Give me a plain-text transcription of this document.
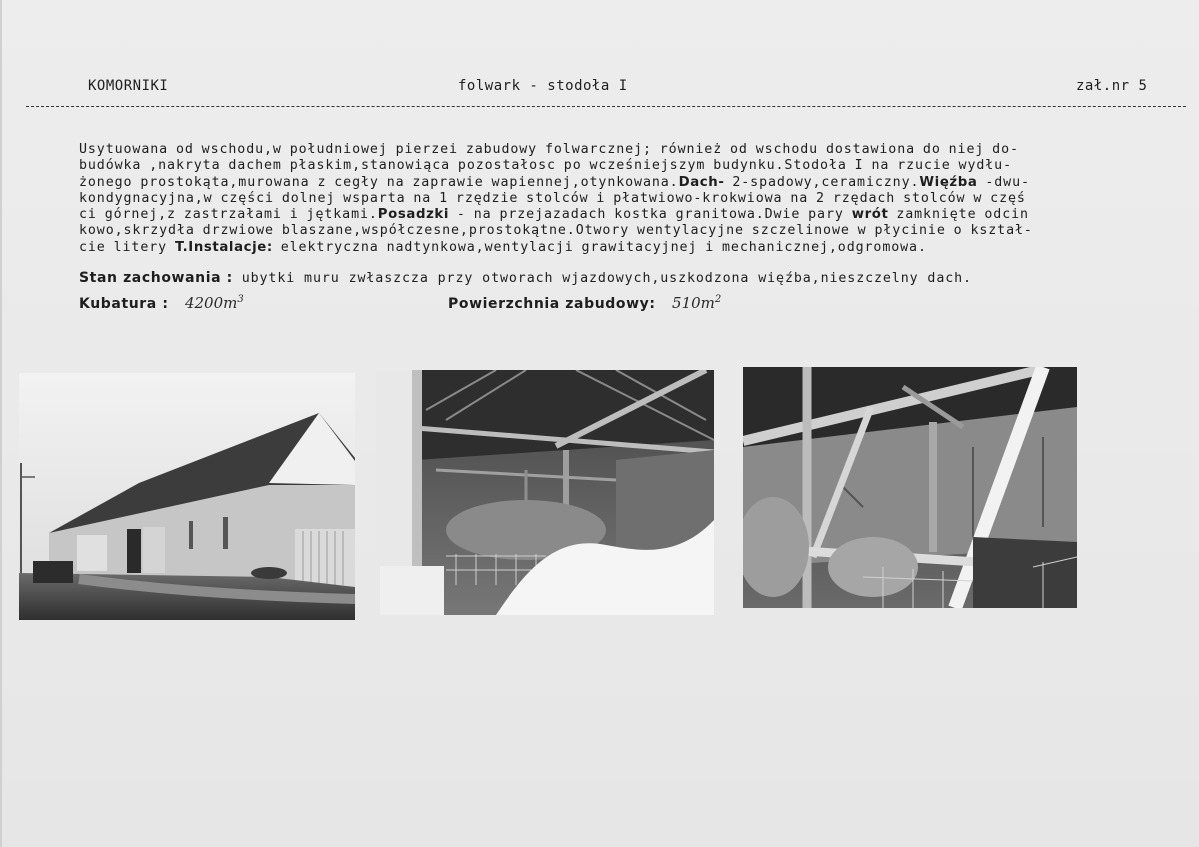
KOMORNIKI	folwark - stodoła I	zał.nr 5
Usytuowana od wschodu,w południowej pierzei zabudowy folwarcznej; również od wschodu dostawiona do niej do-
budówka ,nakryta dachem płaskim,stanowiąca pozostałosc po wcześniejszym budynku.Stodoła I na rzucie wydłu-
żonego prostokąta,murowana z cegły na zaprawie wapiennej,otynkowana.Dach- 2-spadowy,ceramiczny.Więźba -dwu-
kondygnacyjna,w części dolnej wsparta na 1 rzędzie stolców i płatwiowo-krokwiowa na 2 rzędach stolców w częś
ci górnej,z zastrzałami i jętkami.Posadzki - na przejazadach kostka granitowa.Dwie pary wrót zamknięte odcin
kowo,skrzydła drzwiowe blaszane,współczesne,prostokątne.Otwory wentylacyjne szczelinowe w płycinie o kształ-
cie litery T.Instalacje: elektryczna nadtynkowa,wentylacji grawitacyjnej i mechanicznej,odgromowa.
Stan zachowania : ubytki muru zwłaszcza przy otworach wjazdowych,uszkodzona więźba,nieszczelny dach.
Kubatura : $4200m^3$	Powierzchnia zabudowy: $510m^2$
